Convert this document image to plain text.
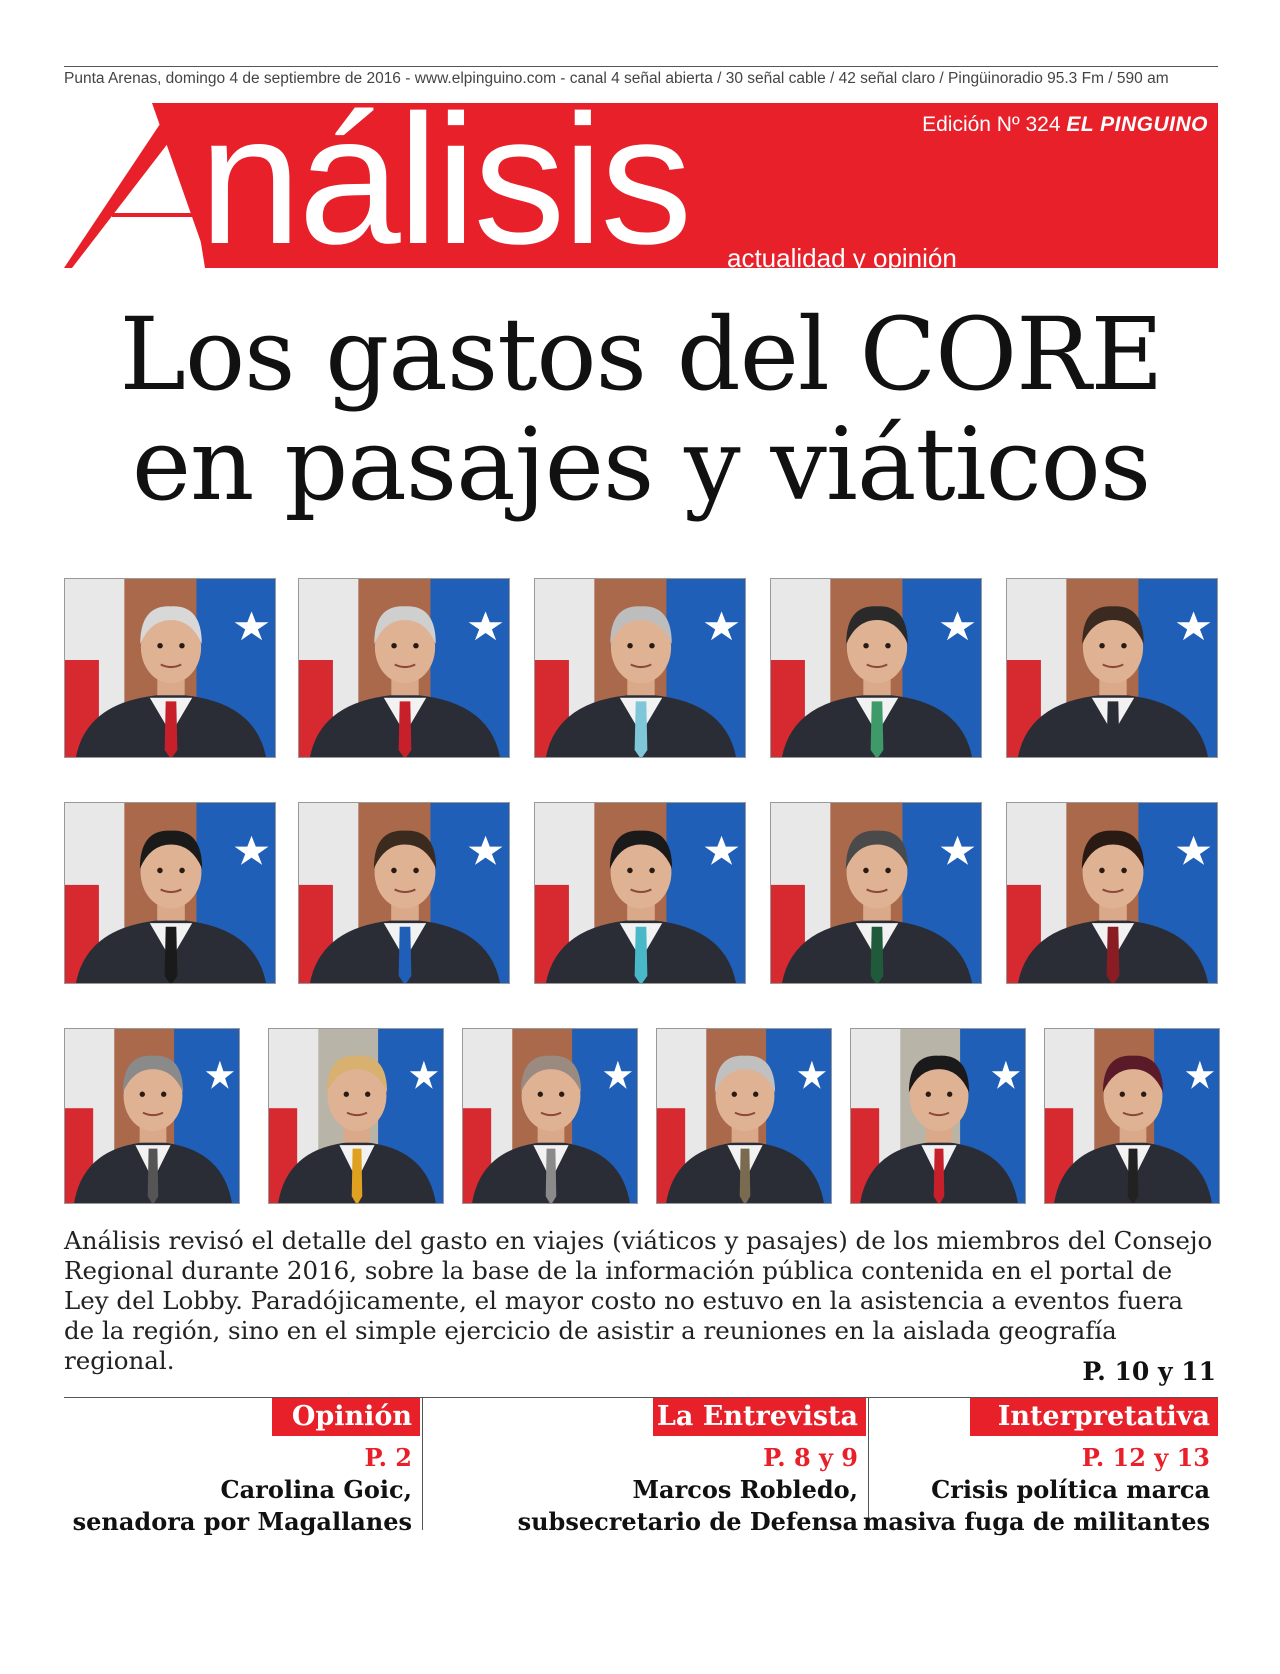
Punta Arenas, domingo 4 de septiembre de 2016 - www.elpinguino.com - canal 4 señal abierta / 30 señal cable / 42 señal claro / Pingüinoradio 95.3 Fm / 590 am
nálisis	Edición Nº 324 EL PINGUINO
actualidad y opinión
Los gastos del CORE
en pasajes y viáticos
Análisis revisó el detalle del gasto en viajes (viáticos y pasajes) de los miembros del Consejo Regional durante 2016, sobre la base de la información pública contenida en el portal de Ley del Lobby. Paradójicamente, el mayor costo no estuvo en la asistencia a eventos fuera de la región, sino en el simple ejercicio de asistir a reuniones en la aislada geografía regional.	P. 10 y 11
Opinión
P. 2
Carolina Goic,
senadora por Magallanes
La Entrevista
P. 8 y 9
Marcos Robledo,
subsecretario de Defensa
Interpretativa
P. 12 y 13
Crisis política marca
masiva fuga de militantes
